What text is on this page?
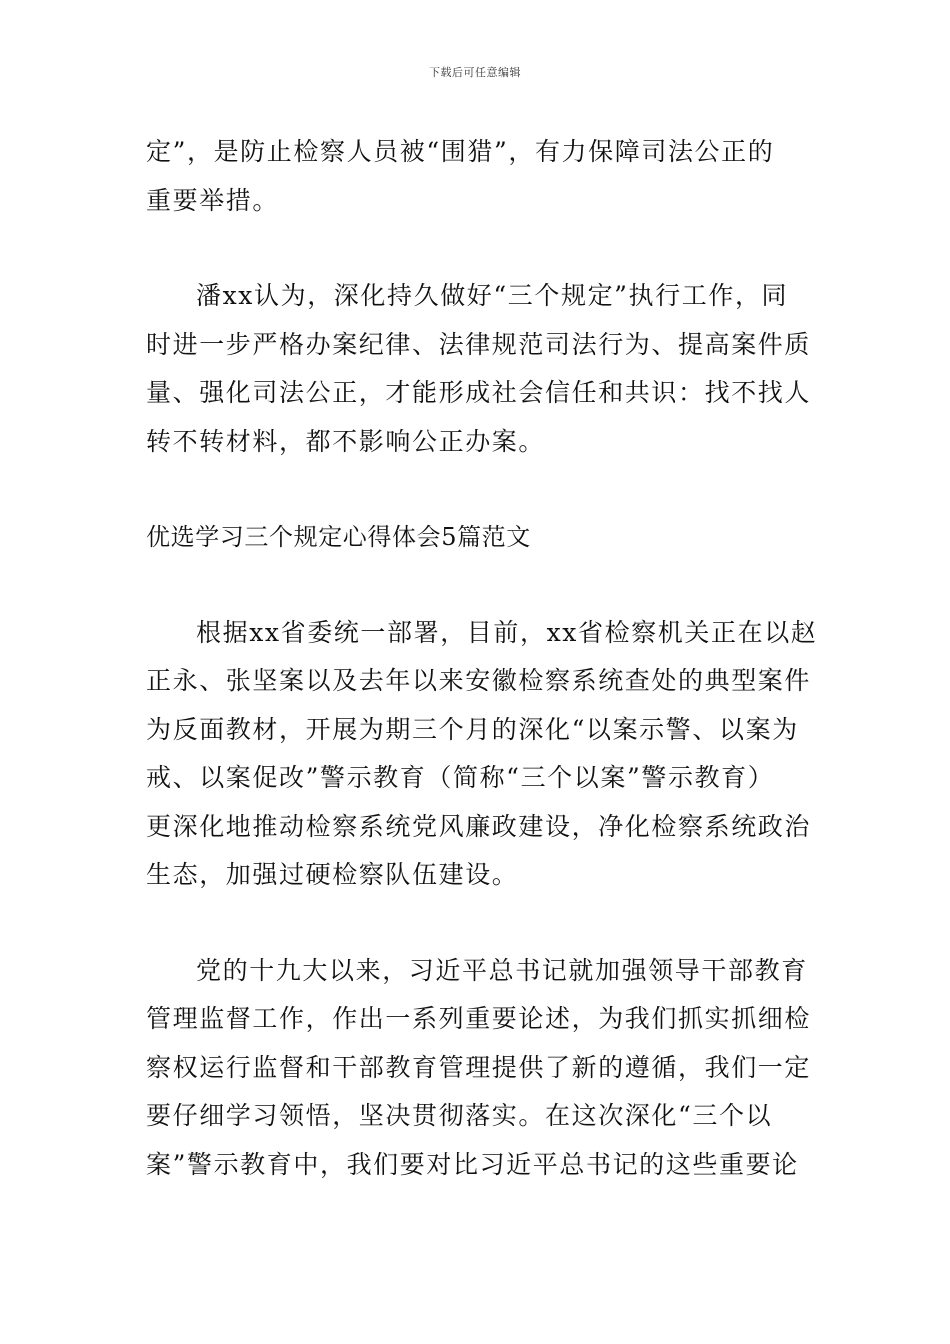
下载后可任意编辑

定”，是防止检察人员被“围猎”，有力保障司法公正的
重要举措。

潘xx认为，深化持久做好“三个规定”执行工作，同
时进一步严格办案纪律、法律规范司法行为、提高案件质
量、强化司法公正，才能形成社会信任和共识：找不找人
转不转材料，都不影响公正办案。

优选学习三个规定心得体会5篇范文

根据xx省委统一部署，目前，xx省检察机关正在以赵
正永、张坚案以及去年以来安徽检察系统查处的典型案件
为反面教材，开展为期三个月的深化“以案示警、以案为
戒、以案促改”警示教育（简称“三个以案”警示教育）
更深化地推动检察系统党风廉政建设，净化检察系统政治
生态，加强过硬检察队伍建设。

党的十九大以来，习近平总书记就加强领导干部教育
管理监督工作，作出一系列重要论述，为我们抓实抓细检
察权运行监督和干部教育管理提供了新的遵循，我们一定
要仔细学习领悟，坚决贯彻落实。在这次深化“三个以
案”警示教育中，我们要对比习近平总书记的这些重要论
